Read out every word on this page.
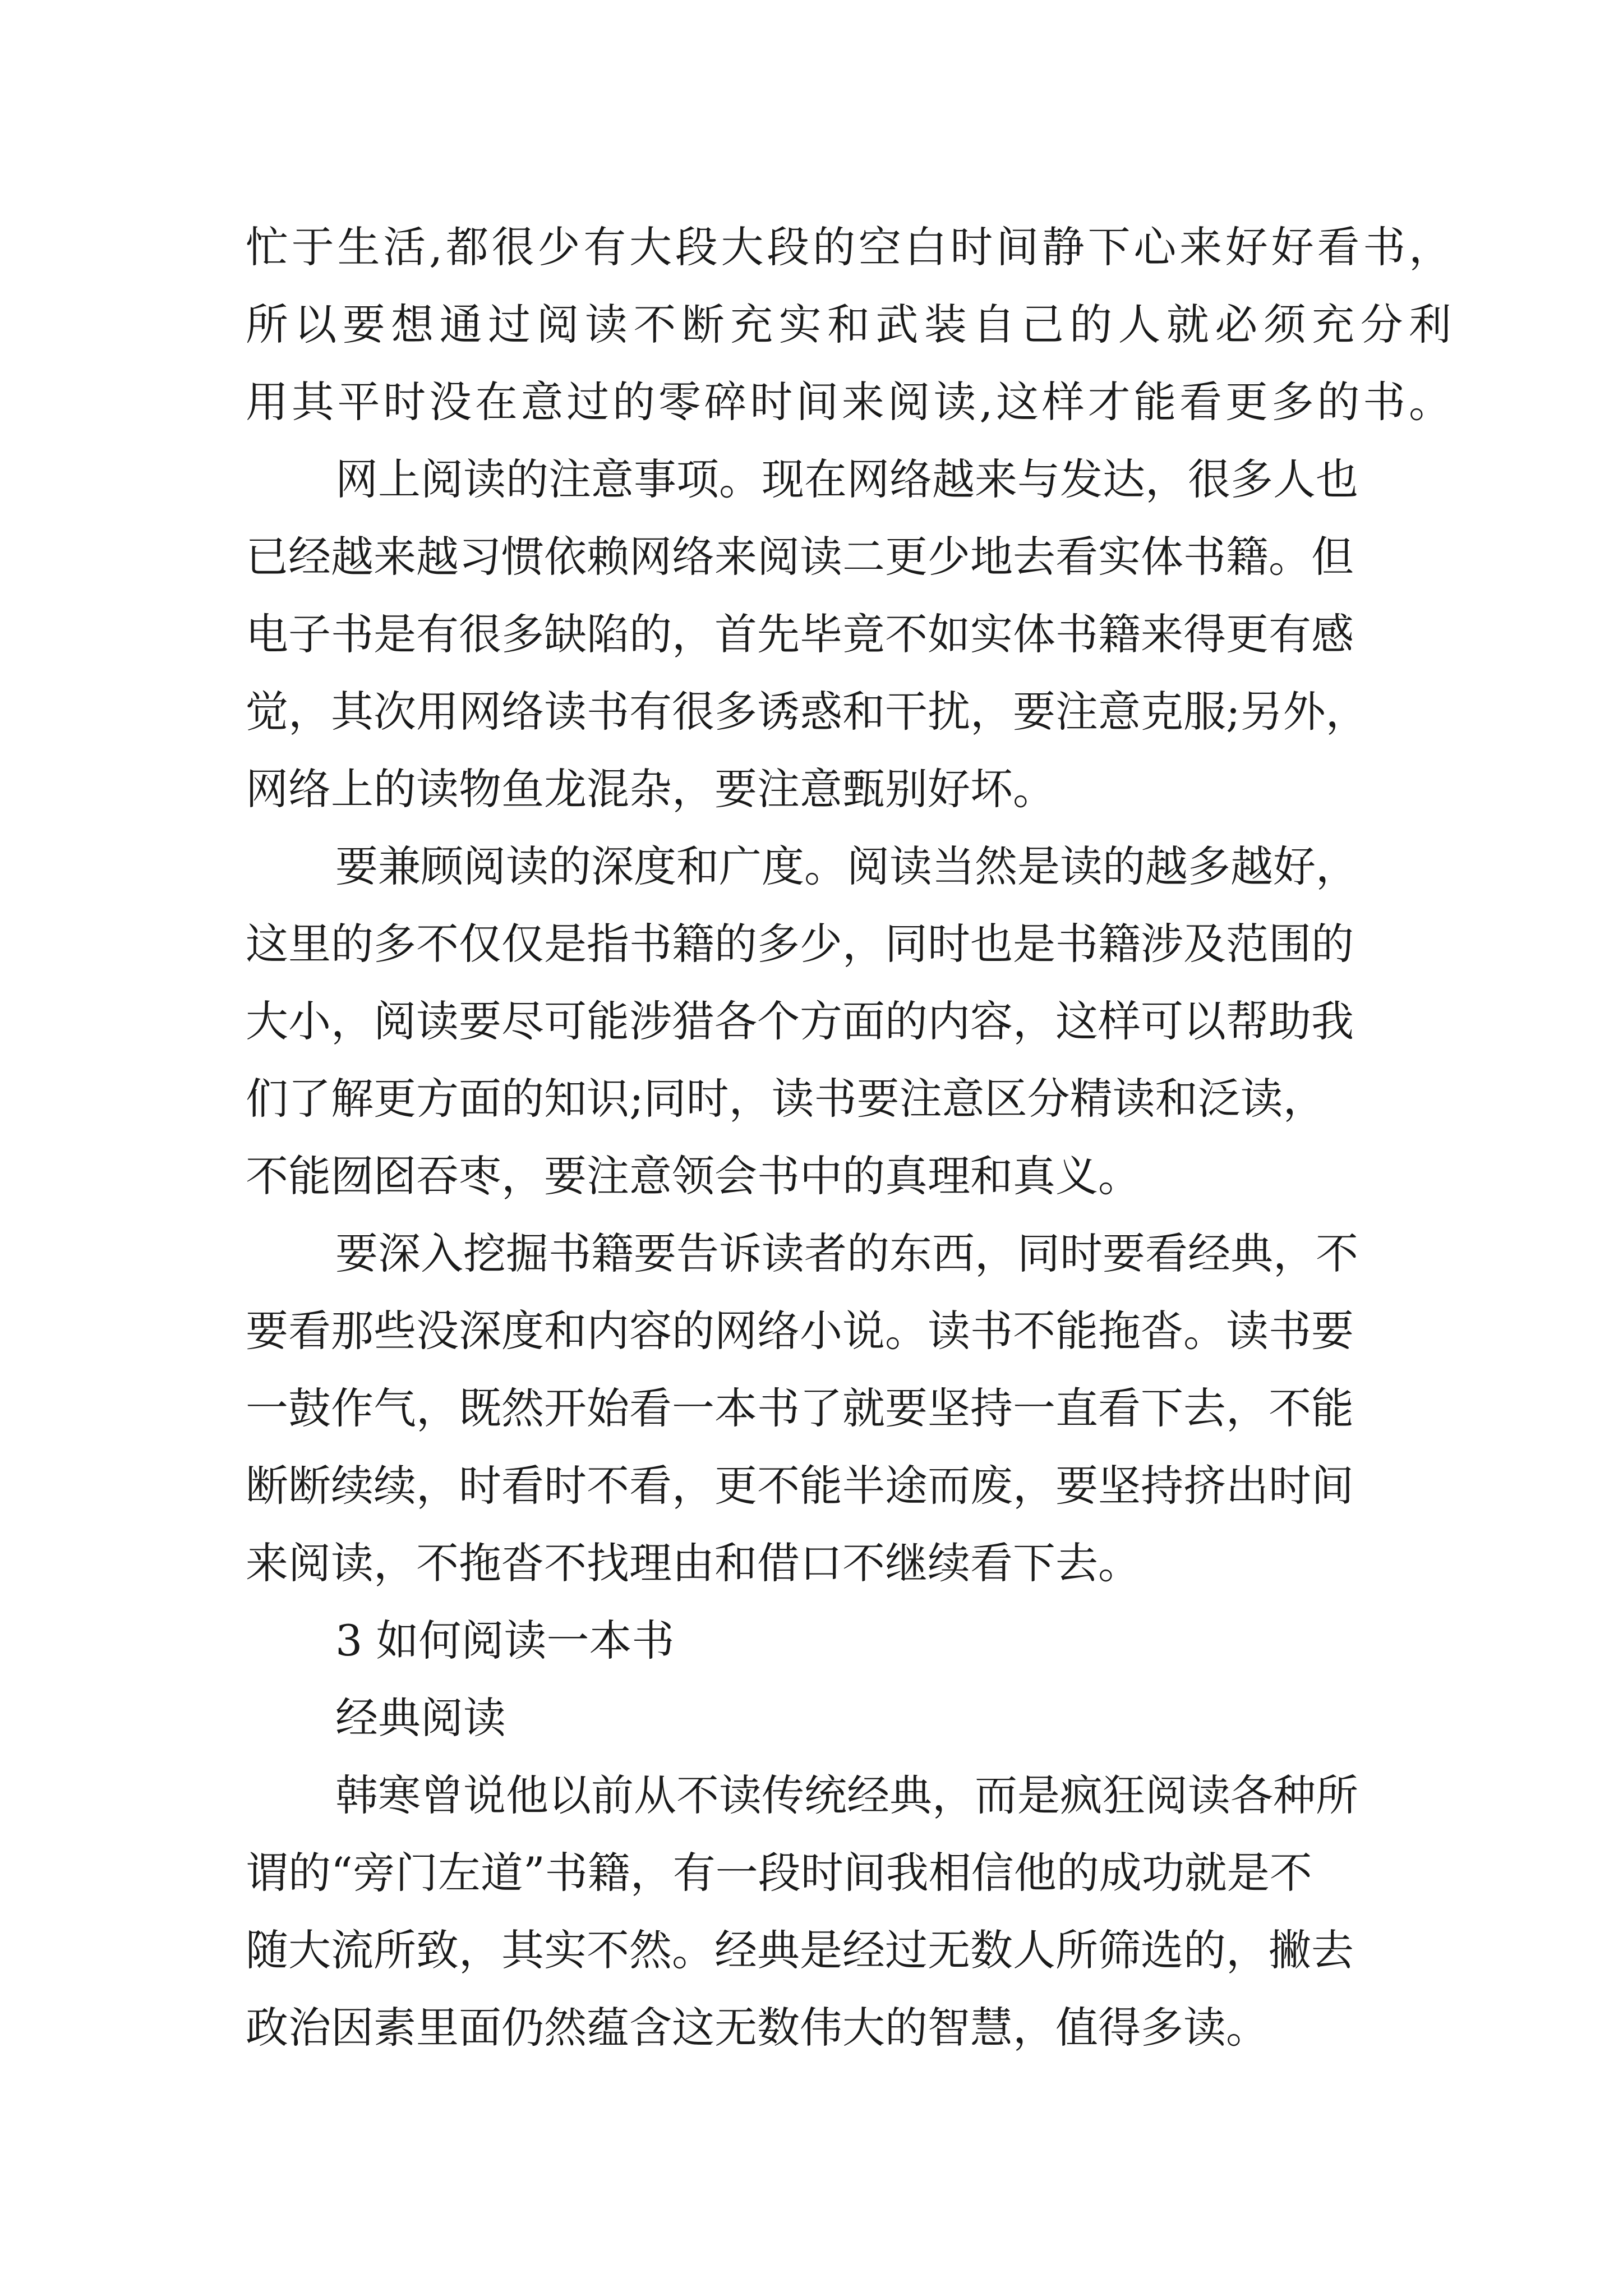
忙于生活,都很少有大段大段的空白时间静下心来好好看书，
所以要想通过阅读不断充实和武装自己的人就必须充分利
用其平时没在意过的零碎时间来阅读,这样才能看更多的书。
网上阅读的注意事项。现在网络越来与发达，很多人也
已经越来越习惯依赖网络来阅读二更少地去看实体书籍。但
电子书是有很多缺陷的，首先毕竟不如实体书籍来得更有感
觉，其次用网络读书有很多诱惑和干扰，要注意克服;另外，
网络上的读物鱼龙混杂，要注意甄别好坏。
要兼顾阅读的深度和广度。阅读当然是读的越多越好，
这里的多不仅仅是指书籍的多少，同时也是书籍涉及范围的
大小，阅读要尽可能涉猎各个方面的内容，这样可以帮助我
们了解更方面的知识;同时，读书要注意区分精读和泛读，
不能囫囵吞枣，要注意领会书中的真理和真义。
要深入挖掘书籍要告诉读者的东西，同时要看经典，不
要看那些没深度和内容的网络小说。读书不能拖沓。读书要
一鼓作气，既然开始看一本书了就要坚持一直看下去，不能
断断续续，时看时不看，更不能半途而废，要坚持挤出时间
来阅读，不拖沓不找理由和借口不继续看下去。
3 如何阅读一本书
经典阅读
韩寒曾说他以前从不读传统经典，而是疯狂阅读各种所
谓的“旁门左道”书籍，有一段时间我相信他的成功就是不
随大流所致，其实不然。经典是经过无数人所筛选的，撇去
政治因素里面仍然蕴含这无数伟大的智慧，值得多读。
